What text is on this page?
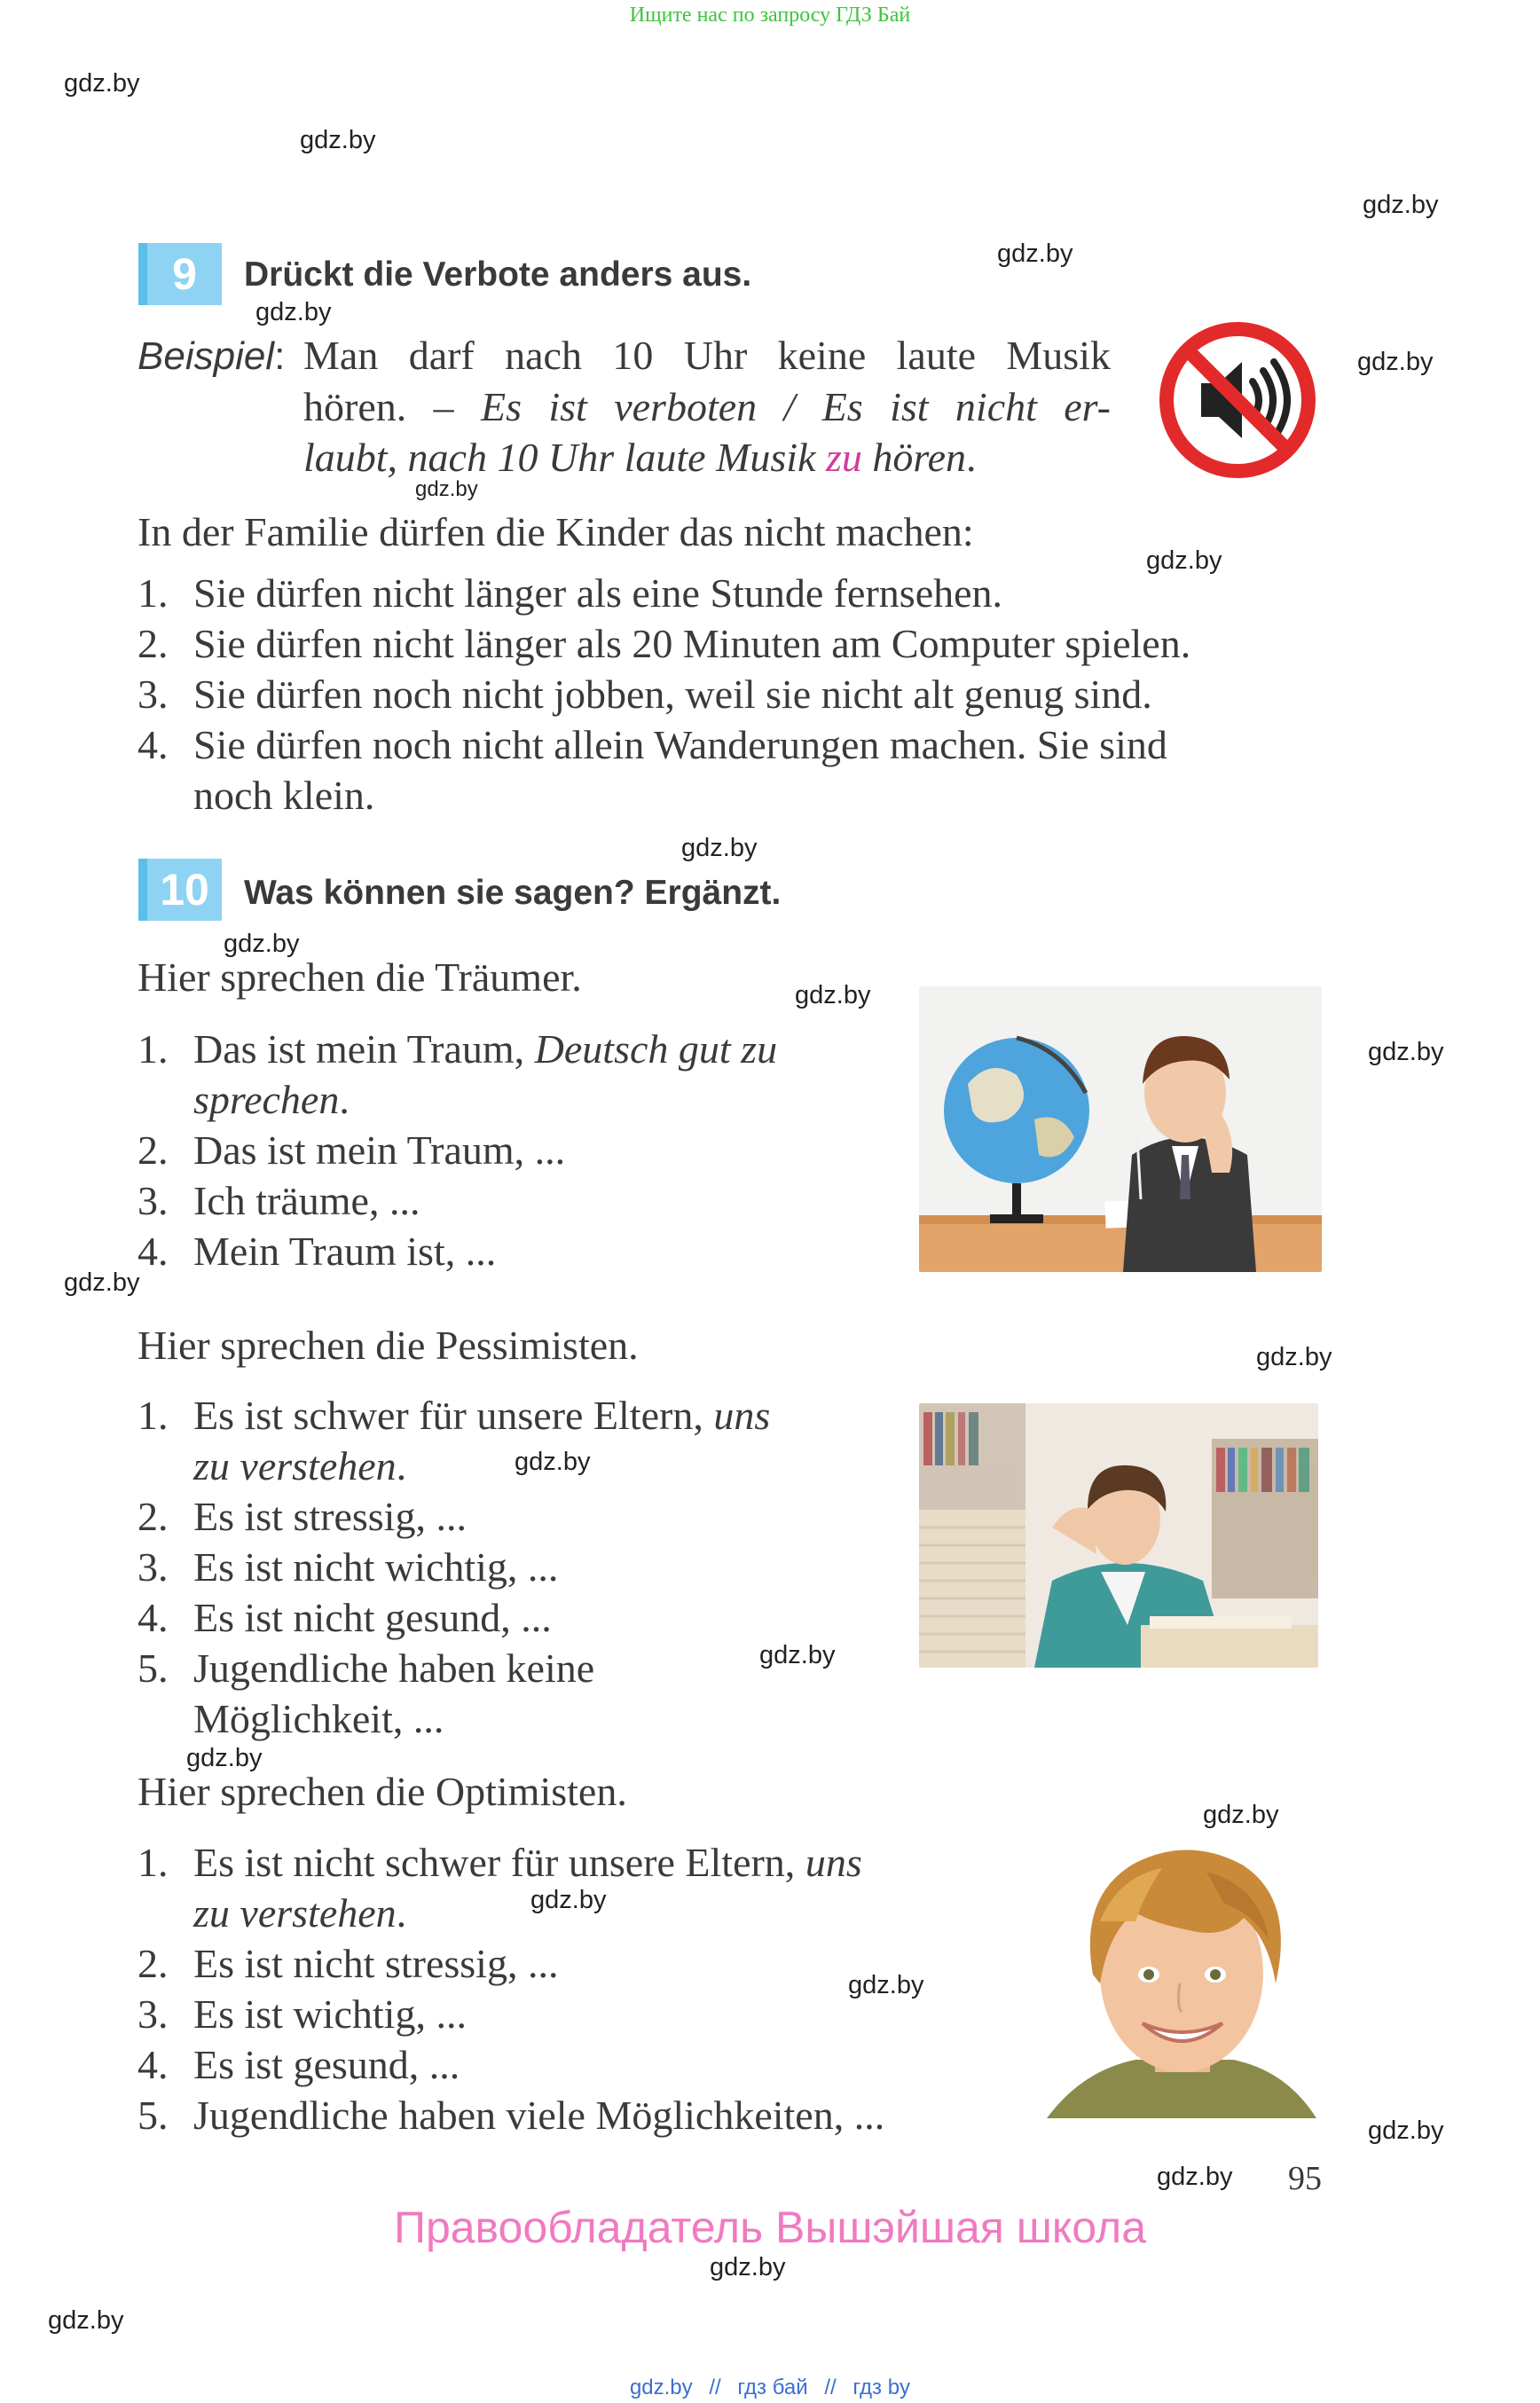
Ищите нас по запросу ГДЗ Бай
gdz.by
gdz.by
gdz.by
gdz.by
gdz.by
gdz.by
gdz.by
gdz.by
gdz.by
gdz.by
gdz.by
gdz.by
gdz.by
gdz.by
gdz.by
gdz.by
gdz.by
gdz.by
gdz.by
gdz.by
gdz.by
gdz.by
gdz.by
gdz.by
9	Drückt die Verbote anders aus.
Beispiel: Man darf nach 10 Uhr keine laute Musik
hören. – Es ist verboten / Es ist nicht er-
laubt, nach 10 Uhr laute Musik zu hören.
In der Familie dürfen die Kinder das nicht machen:
1. Sie dürfen nicht länger als eine Stunde fernsehen.
2. Sie dürfen nicht länger als 20 Minuten am Computer spielen.
3. Sie dürfen noch nicht jobben, weil sie nicht alt genug sind.
4. Sie dürfen noch nicht allein Wanderungen machen. Sie sind
noch klein.
10	Was können sie sagen? Ergänzt.
Hier sprechen die Träumer.
1. Das ist mein Traum, Deutsch gut zu
sprechen.
2. Das ist mein Traum, ...
3. Ich träume, ...
4. Mein Traum ist, ...
Hier sprechen die Pessimisten.
1. Es ist schwer für unsere Eltern, uns
zu verstehen.
2. Es ist stressig, ...
3. Es ist nicht wichtig, ...
4. Es ist nicht gesund, ...
5. Jugendliche haben keine
Möglichkeit, ...
Hier sprechen die Optimisten.
1. Es ist nicht schwer für unsere Eltern, uns
zu verstehen.
2. Es ist nicht stressig, ...
3. Es ist wichtig, ...
4. Es ist gesund, ...
5. Jugendliche haben viele Möglichkeiten, ...
95
Правообладатель Вышэйшая школа
gdz.by // гдз бай // гдз by
